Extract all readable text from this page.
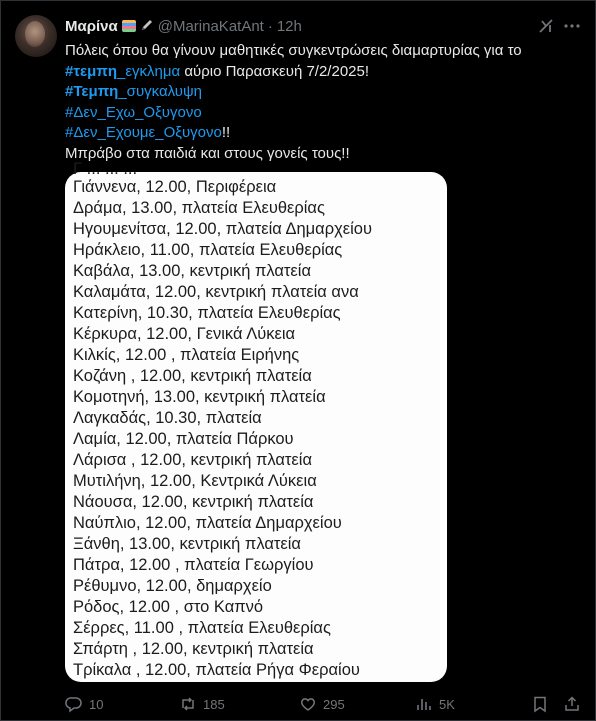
Μαρίνα	@MarinaKatAnt · 12h
Πόλεις όπου θα γίνουν μαθητικές συγκεντρώσεις διαμαρτυρίας για το
#τεμπη_εγκλημα αύριο Παρασκευή 7/2/2025!
#Τεμπη_συγκαλυψη
#Δεν_Εχω_Οξυγονο
#Δεν_Εχουμε_Οξυγονο!!
Μπράβο στα παιδιά και στους γονείς τους!!
Γ ... ... ...
Γιάννενα, 12.00, Περιφέρεια
Δράμα, 13.00, πλατεία Ελευθερίας
Ηγουμενίτσα, 12.00, πλατεία Δημαρχείου
Ηράκλειο, 11.00, πλατεία Ελευθερίας
Καβάλα, 13.00, κεντρική πλατεία
Καλαμάτα, 12.00, κεντρική πλατεία ανα
Κατερίνη, 10.30, πλατεία Ελευθερίας
Κέρκυρα, 12.00, Γενικά Λύκεια
Κιλκίς, 12.00 , πλατεία Ειρήνης
Κοζάνη , 12.00, κεντρική πλατεία
Κομοτηνή, 13.00, κεντρική πλατεία
Λαγκαδάς, 10.30, πλατεία
Λαμία, 12.00, πλατεία Πάρκου
Λάρισα , 12.00, κεντρική πλατεία
Μυτιλήνη, 12.00, Κεντρικά Λύκεια
Νάουσα, 12.00, κεντρική πλατεία
Ναύπλιο, 12.00, πλατεία Δημαρχείου
Ξάνθη, 13.00, κεντρική πλατεία
Πάτρα, 12.00 , πλατεία Γεωργίου
Ρέθυμνο, 12.00, δημαρχείο
Ρόδος, 12.00 , στο Καπνό
Σέρρες, 11.00 , πλατεία Ελευθερίας
Σπάρτη , 12.00, κεντρική πλατεία
Τρίκαλα , 12.00, πλατεία Ρήγα Φεραίου
10	185	295	5K
